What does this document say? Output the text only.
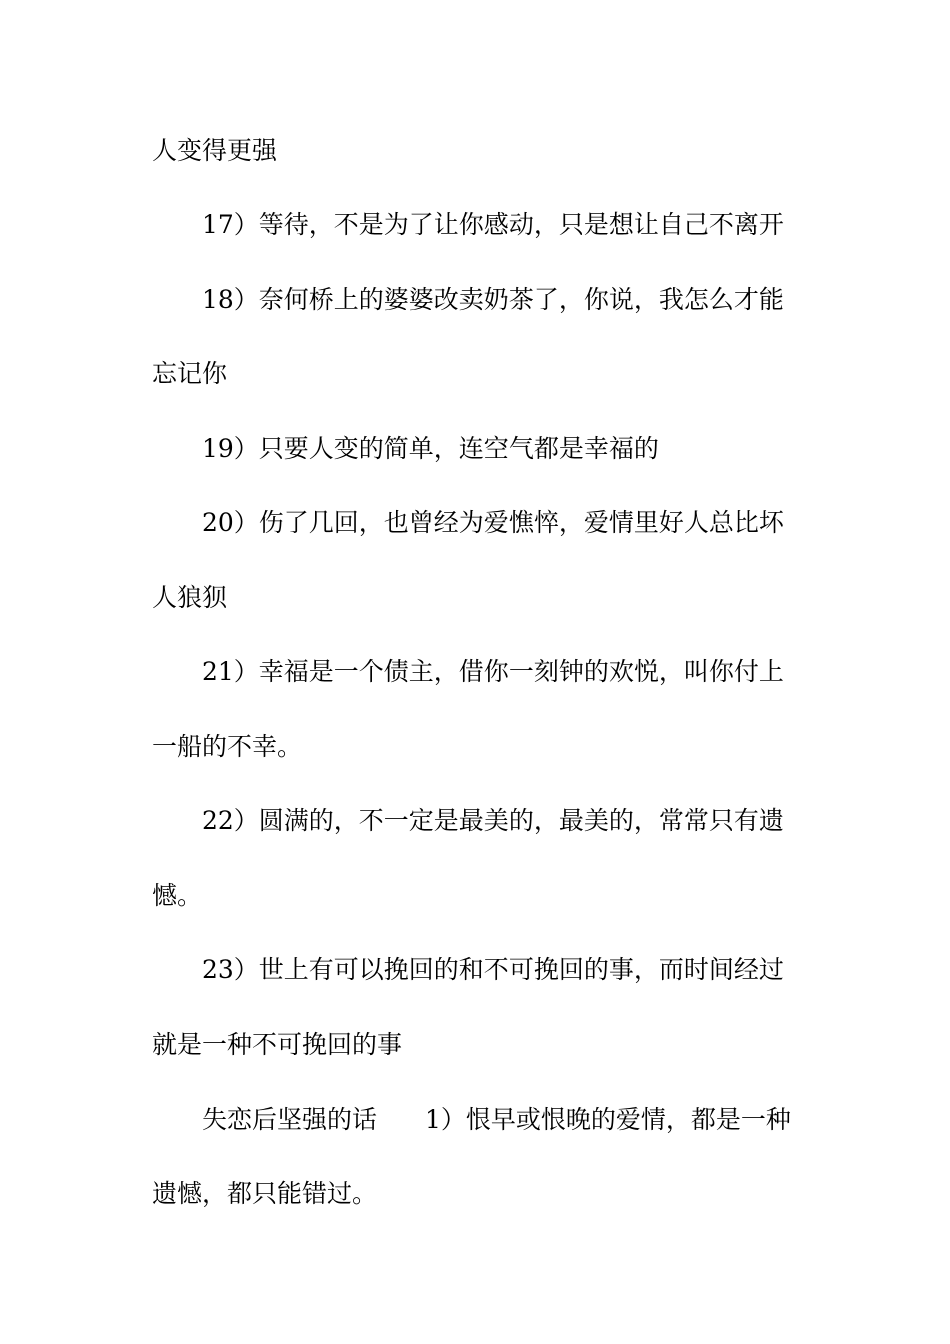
人变得更强
17）等待，不是为了让你感动，只是想让自己不离开
18）奈何桥上的婆婆改卖奶茶了，你说，我怎么才能
忘记你
19）只要人变的简单，连空气都是幸福的
20）伤了几回，也曾经为爱憔悴，爱情里好人总比坏
人狼狈
21）幸福是一个债主，借你一刻钟的欢悦，叫你付上
一船的不幸。
22）圆满的，不一定是最美的，最美的，常常只有遗
憾。
23）世上有可以挽回的和不可挽回的事，而时间经过
就是一种不可挽回的事
失恋后坚强的话 1）恨早或恨晚的爱情，都是一种
遗憾，都只能错过。
